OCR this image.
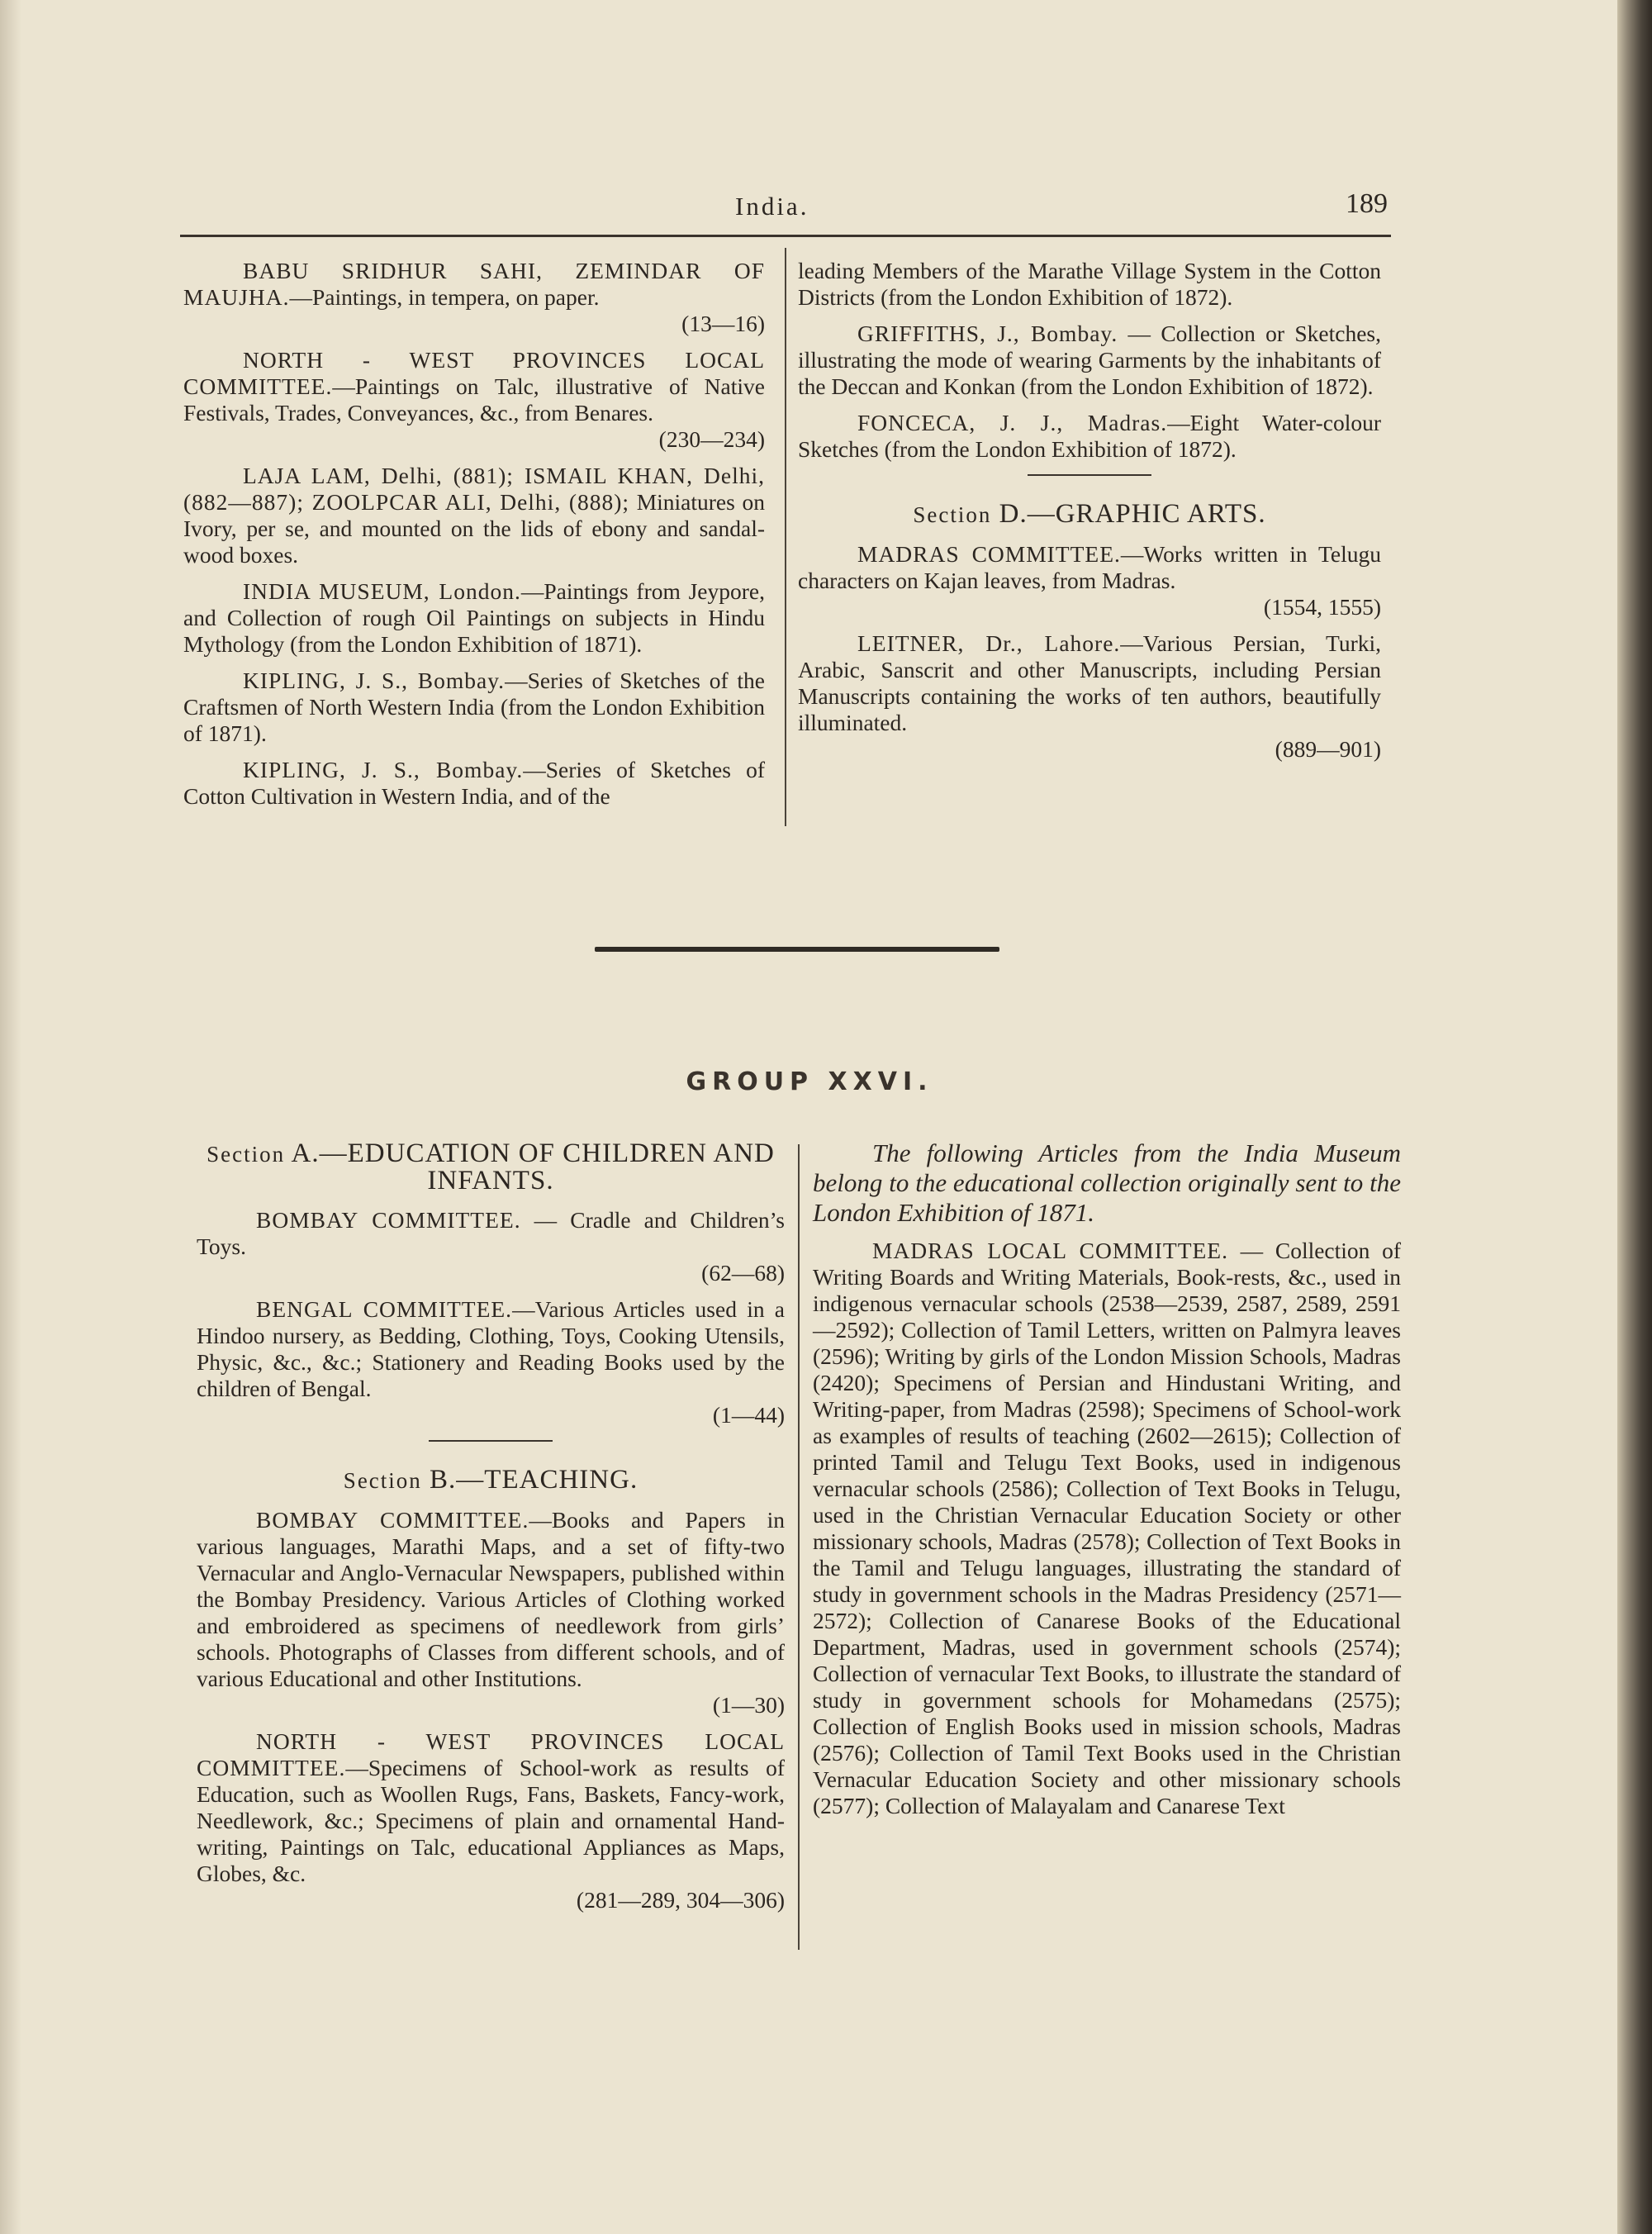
India.	189

BABU SRIDHUR SAHI, ZEMINDAR OF MAUJHA.—Paintings, in tempera, on paper.
(13—16)

NORTH - WEST PROVINCES LOCAL COMMITTEE.—Paintings on Talc, illustrative of Native Festivals, Trades, Conveyances, &c., from Benares.
(230—234)

LAJA LAM, Delhi, (881); ISMAIL KHAN, Delhi, (882—887); ZOOLPCAR ALI, Delhi, (888); Miniatures on Ivory, per se, and mounted on the lids of ebony and sandal-wood boxes.

INDIA MUSEUM, London.—Paintings from Jeypore, and Collection of rough Oil Paintings on subjects in Hindu Mythology (from the London Exhibition of 1871).

KIPLING, J. S., Bombay.—Series of Sketches of the Craftsmen of North Western India (from the London Exhibition of 1871).

KIPLING, J. S., Bombay.—Series of Sketches of Cotton Cultivation in Western India, and of the

leading Members of the Marathe Village System in the Cotton Districts (from the London Exhibition of 1872).

GRIFFITHS, J., Bombay. — Collection or Sketches, illustrating the mode of wearing Garments by the inhabitants of the Deccan and Konkan (from the London Exhibition of 1872).

FONCECA, J. J., Madras.—Eight Water-colour Sketches (from the London Exhibition of 1872).

Section D.—GRAPHIC ARTS.

MADRAS COMMITTEE.—Works written in Telugu characters on Kajan leaves, from Madras.
(1554, 1555)

LEITNER, Dr., Lahore.—Various Persian, Turki, Arabic, Sanscrit and other Manuscripts, including Persian Manuscripts containing the works of ten authors, beautifully illuminated.
(889—901)

GROUP XXVI.
Section A.—EDUCATION OF CHILDREN AND INFANTS.

BOMBAY COMMITTEE. — Cradle and Children’s Toys.
(62—68)

BENGAL COMMITTEE.—Various Articles used in a Hindoo nursery, as Bedding, Clothing, Toys, Cooking Utensils, Physic, &c., &c.; Stationery and Reading Books used by the children of Bengal.
(1—44)

Section B.—TEACHING.

BOMBAY COMMITTEE.—Books and Papers in various languages, Marathi Maps, and a set of fifty-two Vernacular and Anglo-Vernacular Newspapers, published within the Bombay Presidency. Various Articles of Clothing worked and embroidered as specimens of needlework from girls’ schools. Photographs of Classes from different schools, and of various Educational and other Institutions.
(1—30)

NORTH - WEST PROVINCES LOCAL COMMITTEE.—Specimens of School-work as results of Education, such as Woollen Rugs, Fans, Baskets, Fancy-work, Needlework, &c.; Specimens of plain and ornamental Hand-writing, Paintings on Talc, educational Appliances as Maps, Globes, &c.
(281—289, 304—306)

The following Articles from the India Museum belong to the educational collection originally sent to the London Exhibition of 1871.

MADRAS LOCAL COMMITTEE. — Collection of Writing Boards and Writing Materials, Book-rests, &c., used in indigenous vernacular schools (2538—2539, 2587, 2589, 2591—2592); Collection of Tamil Letters, written on Palmyra leaves (2596); Writing by girls of the London Mission Schools, Madras (2420); Specimens of Persian and Hindustani Writing, and Writing-paper, from Madras (2598); Specimens of School-work as examples of results of teaching (2602—2615); Collection of printed Tamil and Telugu Text Books, used in indigenous vernacular schools (2586); Collection of Text Books in Telugu, used in the Christian Vernacular Education Society or other missionary schools, Madras (2578); Collection of Text Books in the Tamil and Telugu languages, illustrating the standard of study in government schools in the Madras Presidency (2571—2572); Collection of Canarese Books of the Educational Department, Madras, used in government schools (2574); Collection of vernacular Text Books, to illustrate the standard of study in government schools for Mohamedans (2575); Collection of English Books used in mission schools, Madras (2576); Collection of Tamil Text Books used in the Christian Vernacular Education Society and other missionary schools (2577); Collection of Malayalam and Canarese Text
